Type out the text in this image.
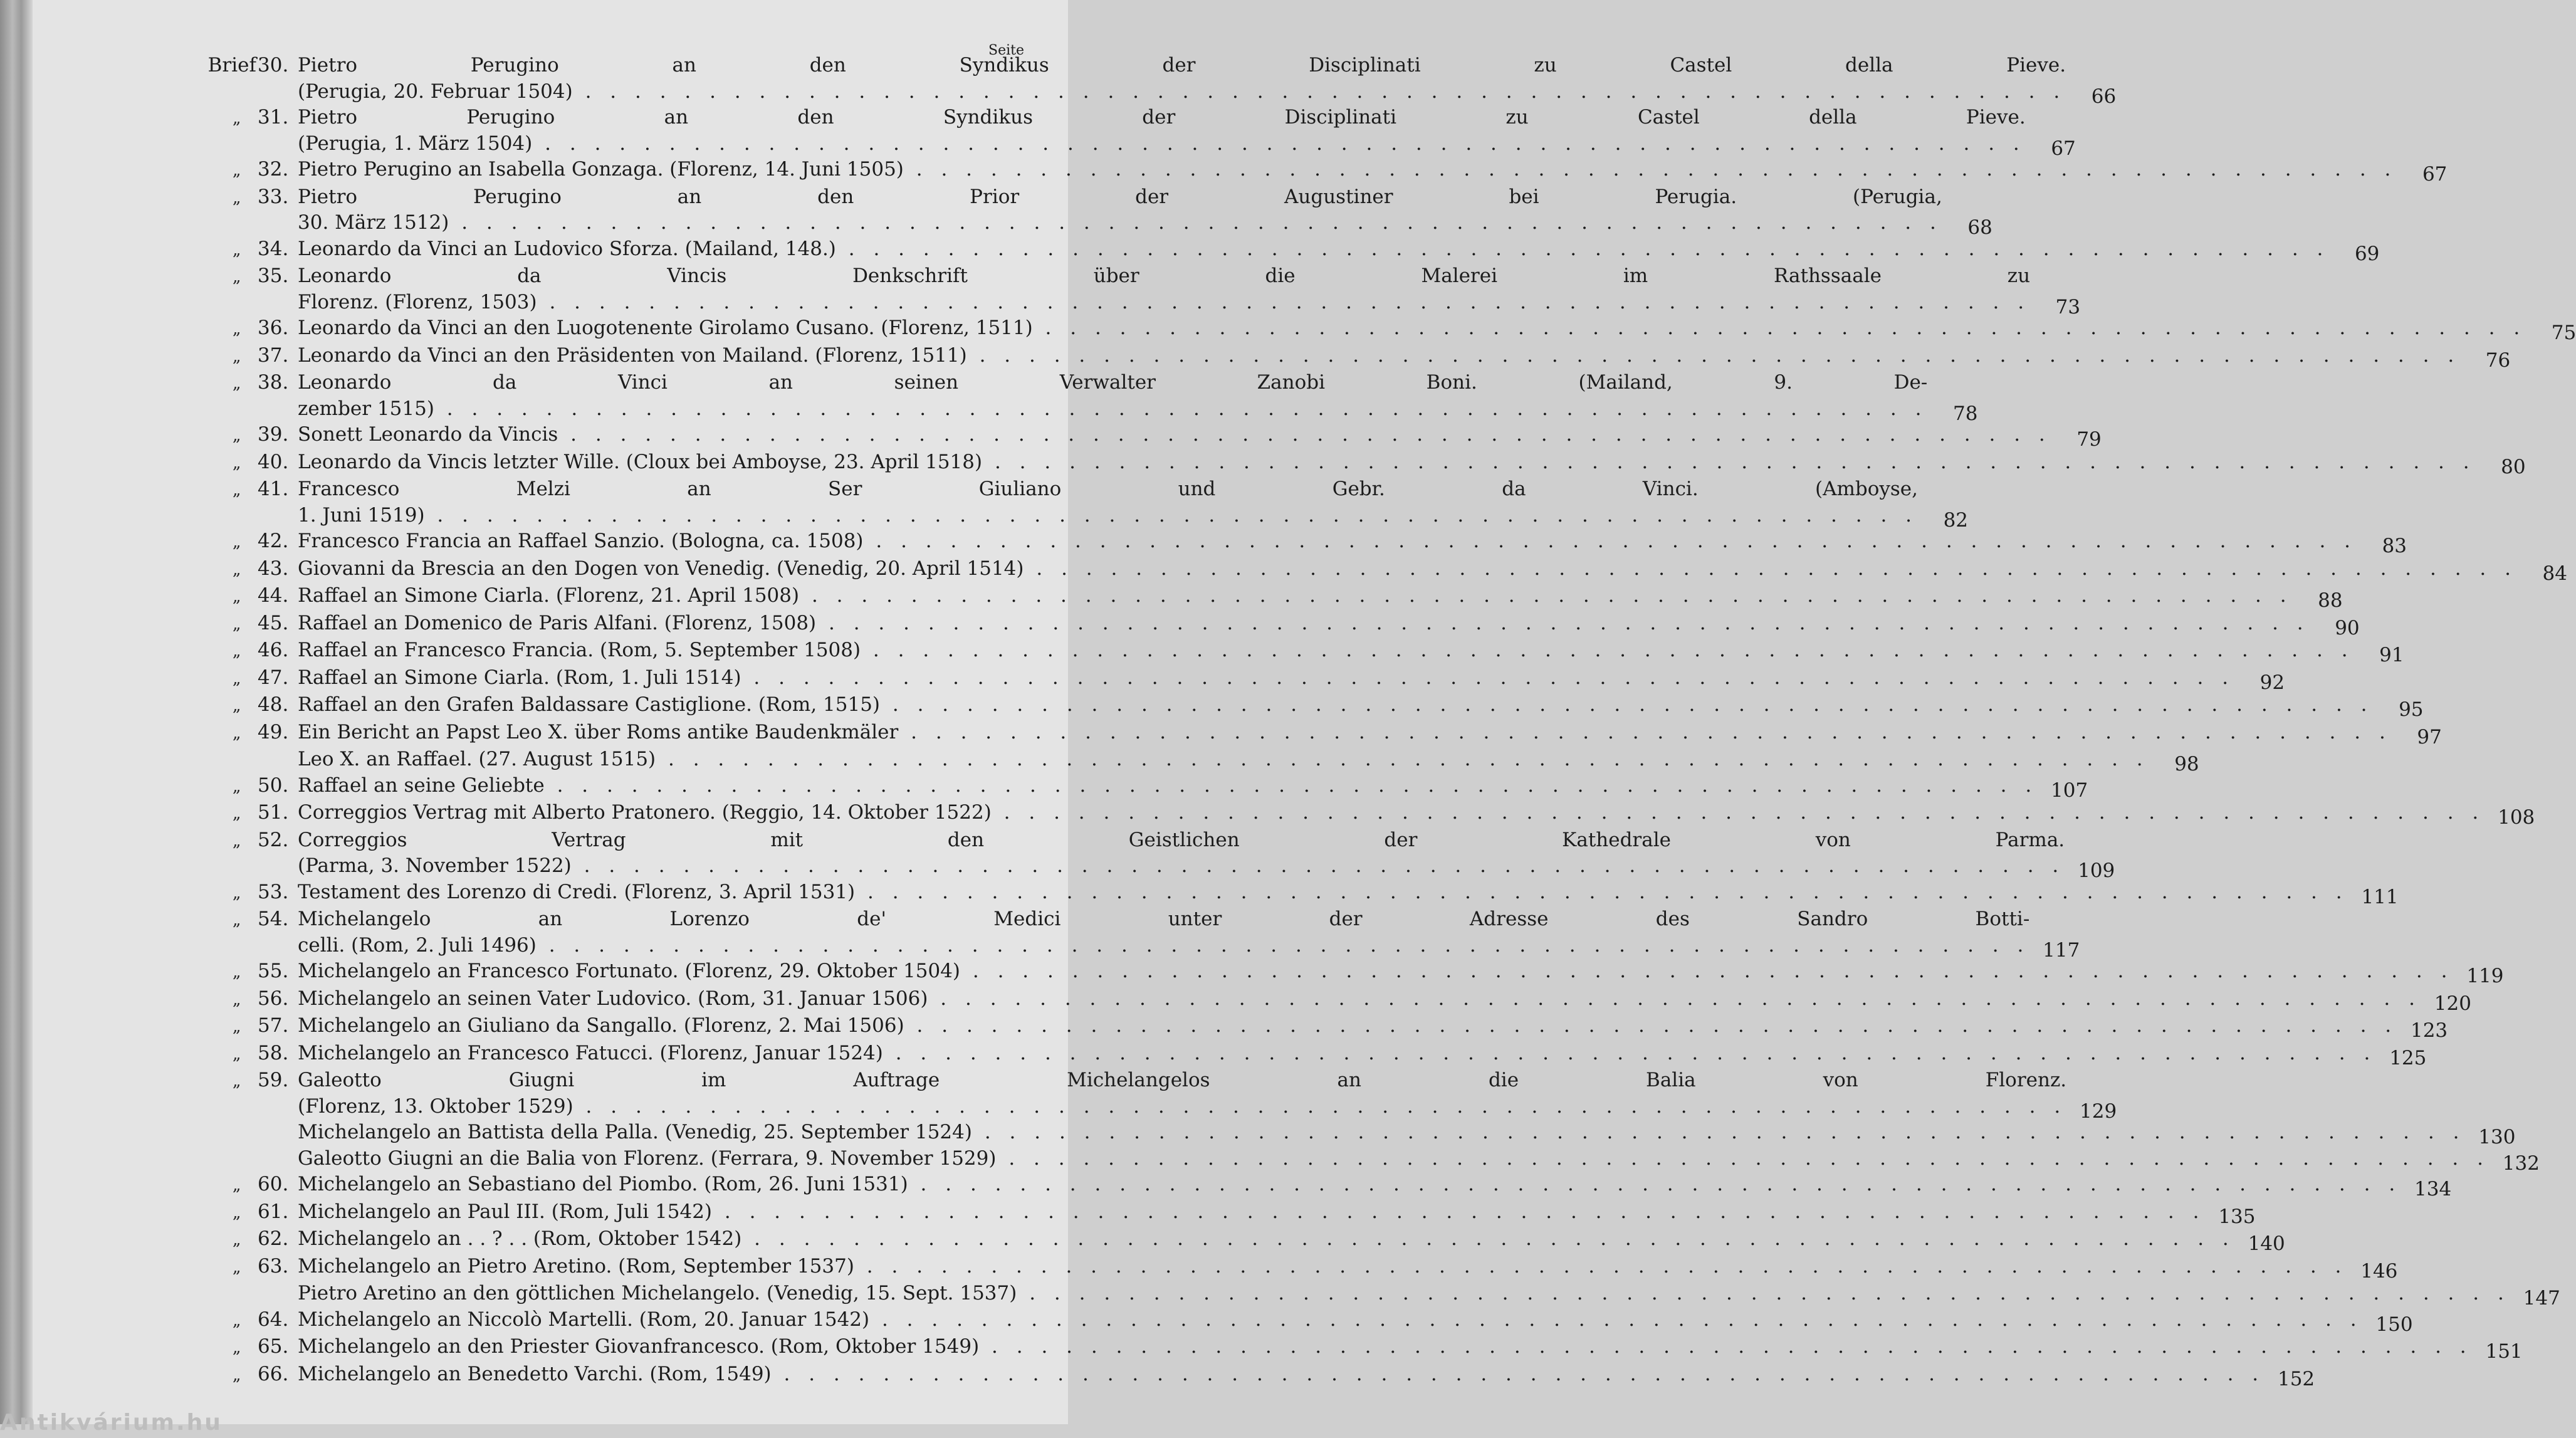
Seite
Brief30. Pietro	Perugino	an	den	Syndikus	der	Disciplinati	zu	Castel	della	Pieve.
(Perugia, 20. Februar 1504) . . . . . . . . . . . . . . . . . . . . . . . . . . . . . . . . . . . . . . . . . . . . . . . . . . . . . . . . . . . .	66
„ 31. Pietro	Perugino	an	den	Syndikus	der	Disciplinati	zu	Castel	della	Pieve.
(Perugia, 1. März 1504) . . . . . . . . . . . . . . . . . . . . . . . . . . . . . . . . . . . . . . . . . . . . . . . . . . . . . . . . . . . .	67
„ 32. Pietro Perugino an Isabella Gonzaga. (Florenz, 14. Juni 1505) . . . . . . . . . . . . . . . . . . . . . . . . . . . . . . . . . . . . . . . . . . . . . . . . . . . . . . . . . . . .	67
„ 33. Pietro	Perugino	an	den	Prior	der	Augustiner	bei	Perugia.	(Perugia,
30. März 1512) . . . . . . . . . . . . . . . . . . . . . . . . . . . . . . . . . . . . . . . . . . . . . . . . . . . . . . . . . . . .	68
„ 34. Leonardo da Vinci an Ludovico Sforza. (Mailand, 148.) . . . . . . . . . . . . . . . . . . . . . . . . . . . . . . . . . . . . . . . . . . . . . . . . . . . . . . . . . . . .	69
„ 35. Leonardo	da	Vincis	Denkschrift	über	die	Malerei	im	Rathssaale	zu
Florenz. (Florenz, 1503) . . . . . . . . . . . . . . . . . . . . . . . . . . . . . . . . . . . . . . . . . . . . . . . . . . . . . . . . . . . .	73
„ 36. Leonardo da Vinci an den Luogotenente Girolamo Cusano. (Florenz, 1511) . . . . . . . . . . . . . . . . . . . . . . . . . . . . . . . . . . . . . . . . . . . . . . . . . . . . . . . . . . . .	75
„ 37. Leonardo da Vinci an den Präsidenten von Mailand. (Florenz, 1511) . . . . . . . . . . . . . . . . . . . . . . . . . . . . . . . . . . . . . . . . . . . . . . . . . . . . . . . . . . . .	76
„ 38. Leonardo	da	Vinci	an	seinen	Verwalter	Zanobi	Boni.	(Mailand,	9.	De-
zember 1515) . . . . . . . . . . . . . . . . . . . . . . . . . . . . . . . . . . . . . . . . . . . . . . . . . . . . . . . . . . . .	78
„ 39. Sonett Leonardo da Vincis . . . . . . . . . . . . . . . . . . . . . . . . . . . . . . . . . . . . . . . . . . . . . . . . . . . . . . . . . . . .	79
„ 40. Leonardo da Vincis letzter Wille. (Cloux bei Amboyse, 23. April 1518) . . . . . . . . . . . . . . . . . . . . . . . . . . . . . . . . . . . . . . . . . . . . . . . . . . . . . . . . . . . .	80
„ 41. Francesco	Melzi	an	Ser	Giuliano	und	Gebr.	da	Vinci.	(Amboyse,
1. Juni 1519) . . . . . . . . . . . . . . . . . . . . . . . . . . . . . . . . . . . . . . . . . . . . . . . . . . . . . . . . . . . .	82
„ 42. Francesco Francia an Raffael Sanzio. (Bologna, ca. 1508) . . . . . . . . . . . . . . . . . . . . . . . . . . . . . . . . . . . . . . . . . . . . . . . . . . . . . . . . . . . .	83
„ 43. Giovanni da Brescia an den Dogen von Venedig. (Venedig, 20. April 1514) . . . . . . . . . . . . . . . . . . . . . . . . . . . . . . . . . . . . . . . . . . . . . . . . . . . . . . . . . . . .	84
„ 44. Raffael an Simone Ciarla. (Florenz, 21. April 1508) . . . . . . . . . . . . . . . . . . . . . . . . . . . . . . . . . . . . . . . . . . . . . . . . . . . . . . . . . . . .	88
„ 45. Raffael an Domenico de Paris Alfani. (Florenz, 1508) . . . . . . . . . . . . . . . . . . . . . . . . . . . . . . . . . . . . . . . . . . . . . . . . . . . . . . . . . . . .	90
„ 46. Raffael an Francesco Francia. (Rom, 5. September 1508) . . . . . . . . . . . . . . . . . . . . . . . . . . . . . . . . . . . . . . . . . . . . . . . . . . . . . . . . . . . .	91
„ 47. Raffael an Simone Ciarla. (Rom, 1. Juli 1514) . . . . . . . . . . . . . . . . . . . . . . . . . . . . . . . . . . . . . . . . . . . . . . . . . . . . . . . . . . . .	92
„ 48. Raffael an den Grafen Baldassare Castiglione. (Rom, 1515) . . . . . . . . . . . . . . . . . . . . . . . . . . . . . . . . . . . . . . . . . . . . . . . . . . . . . . . . . . . .	95
„ 49. Ein Bericht an Papst Leo X. über Roms antike Baudenkmäler . . . . . . . . . . . . . . . . . . . . . . . . . . . . . . . . . . . . . . . . . . . . . . . . . . . . . . . . . . . .	97
Leo X. an Raffael. (27. August 1515) . . . . . . . . . . . . . . . . . . . . . . . . . . . . . . . . . . . . . . . . . . . . . . . . . . . . . . . . . . . .	98
„ 50. Raffael an seine Geliebte . . . . . . . . . . . . . . . . . . . . . . . . . . . . . . . . . . . . . . . . . . . . . . . . . . . . . . . . . . . . 107
„ 51. Correggios Vertrag mit Alberto Pratonero. (Reggio, 14. Oktober 1522) . . . . . . . . . . . . . . . . . . . . . . . . . . . . . . . . . . . . . . . . . . . . . . . . . . . . . . . . . . . . 108
„ 52. Correggios	Vertrag	mit	den	Geistlichen	der	Kathedrale	von	Parma.
(Parma, 3. November 1522) . . . . . . . . . . . . . . . . . . . . . . . . . . . . . . . . . . . . . . . . . . . . . . . . . . . . . . . . . . . . 109
„ 53. Testament des Lorenzo di Credi. (Florenz, 3. April 1531) . . . . . . . . . . . . . . . . . . . . . . . . . . . . . . . . . . . . . . . . . . . . . . . . . . . . . . . . . . . . 111
„ 54. Michelangelo	an	Lorenzo	de'	Medici	unter	der	Adresse	des	Sandro	Botti-
celli. (Rom, 2. Juli 1496) . . . . . . . . . . . . . . . . . . . . . . . . . . . . . . . . . . . . . . . . . . . . . . . . . . . . . . . . . . . . 117
„ 55. Michelangelo an Francesco Fortunato. (Florenz, 29. Oktober 1504) . . . . . . . . . . . . . . . . . . . . . . . . . . . . . . . . . . . . . . . . . . . . . . . . . . . . . . . . . . . . 119
„ 56. Michelangelo an seinen Vater Ludovico. (Rom, 31. Januar 1506) . . . . . . . . . . . . . . . . . . . . . . . . . . . . . . . . . . . . . . . . . . . . . . . . . . . . . . . . . . . . 120
„ 57. Michelangelo an Giuliano da Sangallo. (Florenz, 2. Mai 1506) . . . . . . . . . . . . . . . . . . . . . . . . . . . . . . . . . . . . . . . . . . . . . . . . . . . . . . . . . . . . 123
„ 58. Michelangelo an Francesco Fatucci. (Florenz, Januar 1524) . . . . . . . . . . . . . . . . . . . . . . . . . . . . . . . . . . . . . . . . . . . . . . . . . . . . . . . . . . . . 125
„ 59. Galeotto	Giugni	im	Auftrage	Michelangelos	an	die	Balia	von	Florenz.
(Florenz, 13. Oktober 1529) . . . . . . . . . . . . . . . . . . . . . . . . . . . . . . . . . . . . . . . . . . . . . . . . . . . . . . . . . . . . 129
Michelangelo an Battista della Palla. (Venedig, 25. September 1524) . . . . . . . . . . . . . . . . . . . . . . . . . . . . . . . . . . . . . . . . . . . . . . . . . . . . . . . . . . . . 130
Galeotto Giugni an die Balia von Florenz. (Ferrara, 9. November 1529) . . . . . . . . . . . . . . . . . . . . . . . . . . . . . . . . . . . . . . . . . . . . . . . . . . . . . . . . . . . . 132
„ 60. Michelangelo an Sebastiano del Piombo. (Rom, 26. Juni 1531) . . . . . . . . . . . . . . . . . . . . . . . . . . . . . . . . . . . . . . . . . . . . . . . . . . . . . . . . . . . . 134
„ 61. Michelangelo an Paul III. (Rom, Juli 1542) . . . . . . . . . . . . . . . . . . . . . . . . . . . . . . . . . . . . . . . . . . . . . . . . . . . . . . . . . . . . 135
„ 62. Michelangelo an . . ? . . (Rom, Oktober 1542) . . . . . . . . . . . . . . . . . . . . . . . . . . . . . . . . . . . . . . . . . . . . . . . . . . . . . . . . . . . . 140
„ 63. Michelangelo an Pietro Aretino. (Rom, September 1537) . . . . . . . . . . . . . . . . . . . . . . . . . . . . . . . . . . . . . . . . . . . . . . . . . . . . . . . . . . . . 146
Pietro Aretino an den göttlichen Michelangelo. (Venedig, 15. Sept. 1537) . . . . . . . . . . . . . . . . . . . . . . . . . . . . . . . . . . . . . . . . . . . . . . . . . . . . . . . . . . . . 147
„ 64. Michelangelo an Niccolò Martelli. (Rom, 20. Januar 1542) . . . . . . . . . . . . . . . . . . . . . . . . . . . . . . . . . . . . . . . . . . . . . . . . . . . . . . . . . . . . 150
„ 65. Michelangelo an den Priester Giovanfrancesco. (Rom, Oktober 1549) . . . . . . . . . . . . . . . . . . . . . . . . . . . . . . . . . . . . . . . . . . . . . . . . . . . . . . . . . . . . 151
„ 66. Michelangelo an Benedetto Varchi. (Rom, 1549) . . . . . . . . . . . . . . . . . . . . . . . . . . . . . . . . . . . . . . . . . . . . . . . . . . . . . . . . . . . . 152
Antikvárium.hu
